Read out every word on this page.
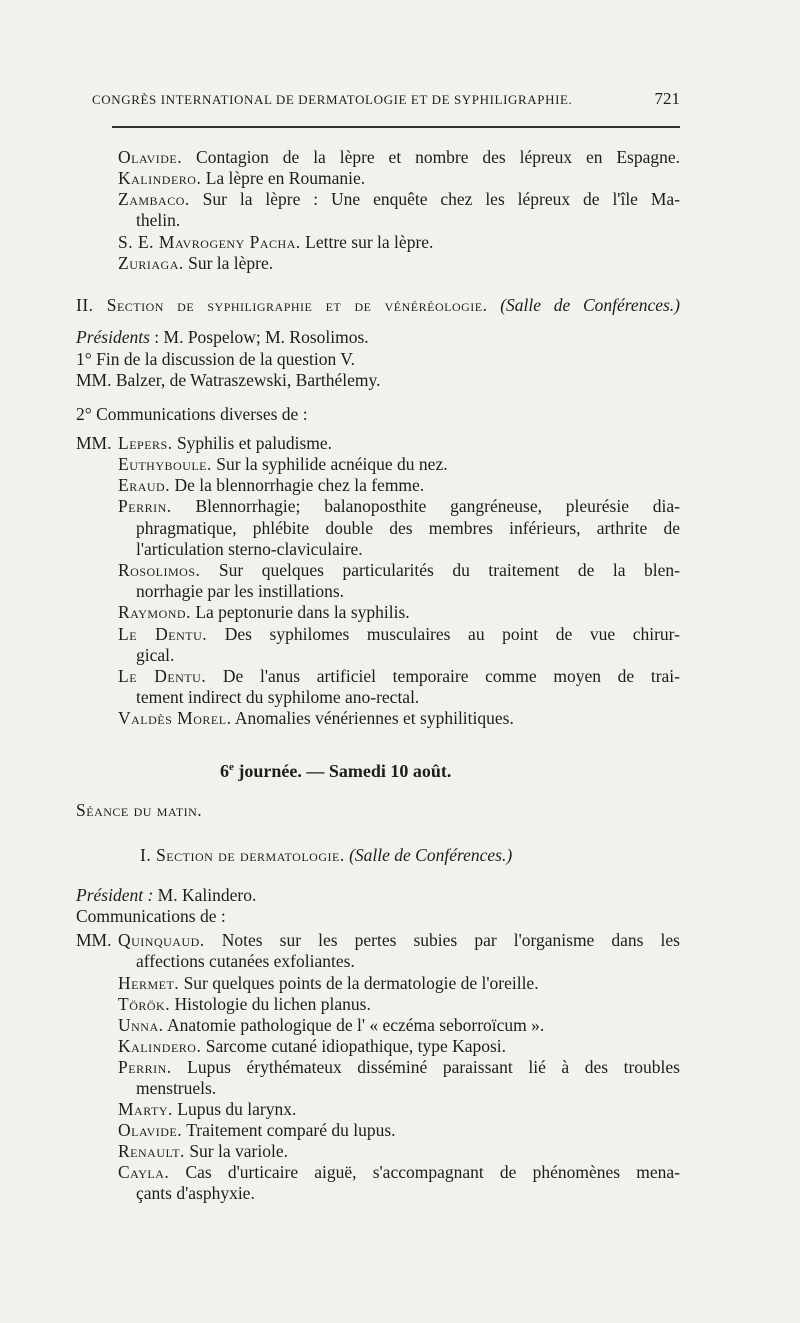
CONGRÈS INTERNATIONAL DE DERMATOLOGIE ET DE SYPHILIGRAPHIE.	721
Olavide. Contagion de la lèpre et nombre des lépreux en Espagne.
Kalindero. La lèpre en Roumanie.
Zambaco. Sur la lèpre : Une enquête chez les lépreux de l'île Ma-
thelin.
S. E. Mavrogeny Pacha. Lettre sur la lèpre.
Zuriaga. Sur la lèpre.
II. Section de syphiligraphie et de vénéréologie. (Salle de Conférences.)
Présidents : M. Pospelow; M. Rosolimos.
1° Fin de la discussion de la question V.
MM. Balzer, de Watraszewski, Barthélemy.
2° Communications diverses de :
MM. Lepers. Syphilis et paludisme.
Euthyboule. Sur la syphilide acnéique du nez.
Eraud. De la blennorrhagie chez la femme.
Perrin. Blennorrhagie; balanoposthite gangréneuse, pleurésie dia-
phragmatique, phlébite double des membres inférieurs, arthrite de
l'articulation sterno-claviculaire.
Rosolimos. Sur quelques particularités du traitement de la blen-
norrhagie par les instillations.
Raymond. La peptonurie dans la syphilis.
Le Dentu. Des syphilomes musculaires au point de vue chirur-
gical.
Le Dentu. De l'anus artificiel temporaire comme moyen de trai-
tement indirect du syphilome ano-rectal.
Valdès Morel. Anomalies vénériennes et syphilitiques.
6e journée. — Samedi 10 août.
Séance du matin.
I. Section de dermatologie. (Salle de Conférences.)
Président : M. Kalindero.
Communications de :
MM. Quinquaud. Notes sur les pertes subies par l'organisme dans les
affections cutanées exfoliantes.
Hermet. Sur quelques points de la dermatologie de l'oreille.
Török. Histologie du lichen planus.
Unna. Anatomie pathologique de l' « eczéma seborroïcum ».
Kalindero. Sarcome cutané idiopathique, type Kaposi.
Perrin. Lupus érythémateux disséminé paraissant lié à des troubles
menstruels.
Marty. Lupus du larynx.
Olavide. Traitement comparé du lupus.
Renault. Sur la variole.
Cayla. Cas d'urticaire aiguë, s'accompagnant de phénomènes mena-
çants d'asphyxie.
